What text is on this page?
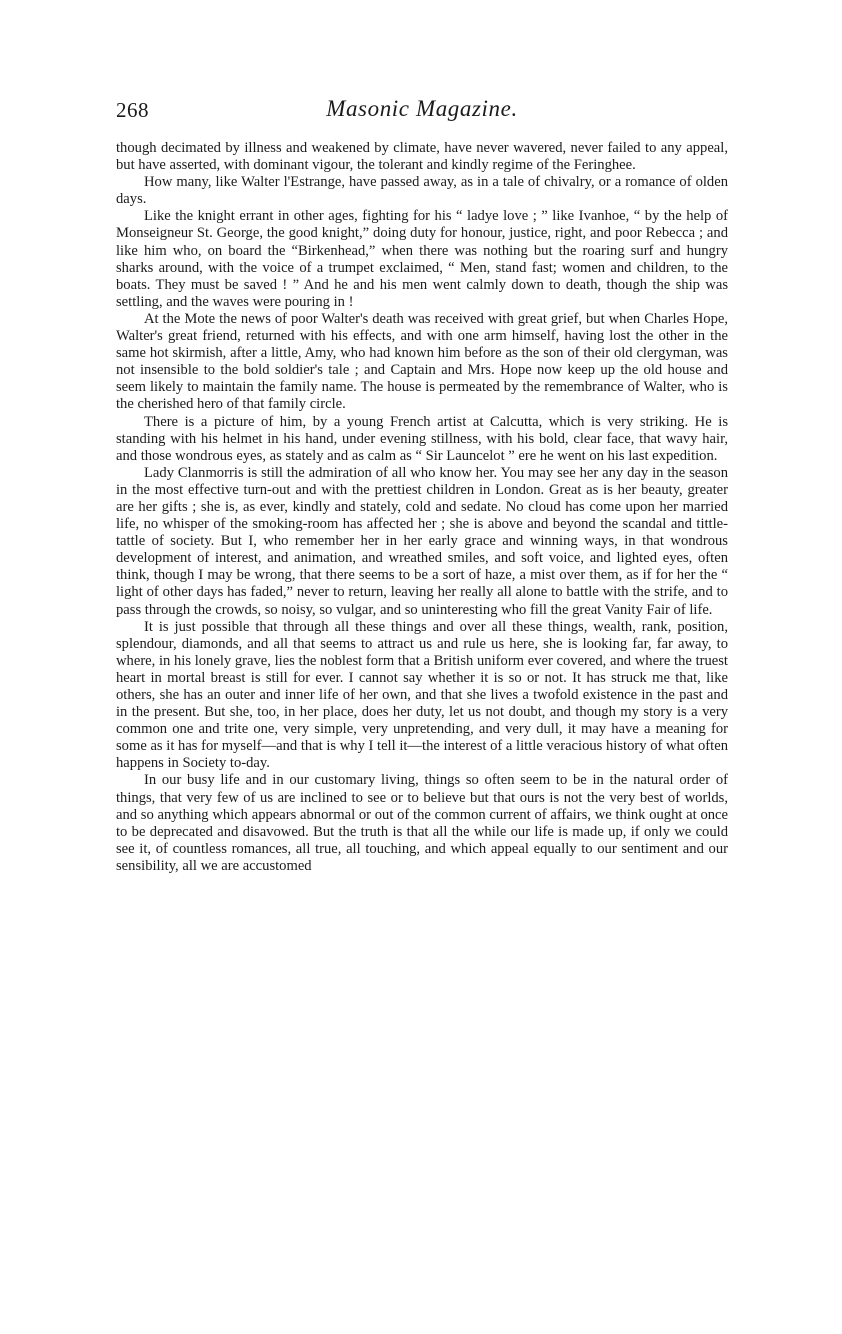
268	Masonic Magazine.

though decimated by illness and weakened by climate, have never wavered, never failed to any appeal, but have asserted, with dominant vigour, the tolerant and kindly regime of the Feringhee.

How many, like Walter l'Estrange, have passed away, as in a tale of chivalry, or a romance of olden days.

Like the knight errant in other ages, fighting for his “ ladye love ; ” like Ivanhoe, “ by the help of Monseigneur St. George, the good knight,” doing duty for honour, justice, right, and poor Rebecca ; and like him who, on board the “Birkenhead,” when there was nothing but the roaring surf and hungry sharks around, with the voice of a trumpet exclaimed, “ Men, stand fast; women and children, to the boats. They must be saved ! ” And he and his men went calmly down to death, though the ship was settling, and the waves were pouring in !

At the Mote the news of poor Walter's death was received with great grief, but when Charles Hope, Walter's great friend, returned with his effects, and with one arm himself, having lost the other in the same hot skirmish, after a little, Amy, who had known him before as the son of their old clergyman, was not insensible to the bold soldier's tale ; and Captain and Mrs. Hope now keep up the old house and seem likely to maintain the family name. The house is permeated by the remembrance of Walter, who is the cherished hero of that family circle.

There is a picture of him, by a young French artist at Calcutta, which is very striking. He is standing with his helmet in his hand, under evening stillness, with his bold, clear face, that wavy hair, and those wondrous eyes, as stately and as calm as “ Sir Launcelot ” ere he went on his last expedition.

Lady Clanmorris is still the admiration of all who know her. You may see her any day in the season in the most effective turn-out and with the prettiest children in London. Great as is her beauty, greater are her gifts ; she is, as ever, kindly and stately, cold and sedate. No cloud has come upon her married life, no whisper of the smoking-room has affected her ; she is above and beyond the scandal and tittle-tattle of society. But I, who remember her in her early grace and winning ways, in that wondrous development of interest, and animation, and wreathed smiles, and soft voice, and lighted eyes, often think, though I may be wrong, that there seems to be a sort of haze, a mist over them, as if for her the “ light of other days has faded,” never to return, leaving her really all alone to battle with the strife, and to pass through the crowds, so noisy, so vulgar, and so uninteresting who fill the great Vanity Fair of life.

It is just possible that through all these things and over all these things, wealth, rank, position, splendour, diamonds, and all that seems to attract us and rule us here, she is looking far, far away, to where, in his lonely grave, lies the noblest form that a British uniform ever covered, and where the truest heart in mortal breast is still for ever. I cannot say whether it is so or not. It has struck me that, like others, she has an outer and inner life of her own, and that she lives a twofold existence in the past and in the present. But she, too, in her place, does her duty, let us not doubt, and though my story is a very common one and trite one, very simple, very unpretending, and very dull, it may have a meaning for some as it has for myself—and that is why I tell it—the interest of a little veracious history of what often happens in Society to-day.

In our busy life and in our customary living, things so often seem to be in the natural order of things, that very few of us are inclined to see or to believe but that ours is not the very best of worlds, and so anything which appears abnormal or out of the common current of affairs, we think ought at once to be deprecated and disavowed. But the truth is that all the while our life is made up, if only we could see it, of countless romances, all true, all touching, and which appeal equally to our sentiment and our sensibility, all we are accustomed
